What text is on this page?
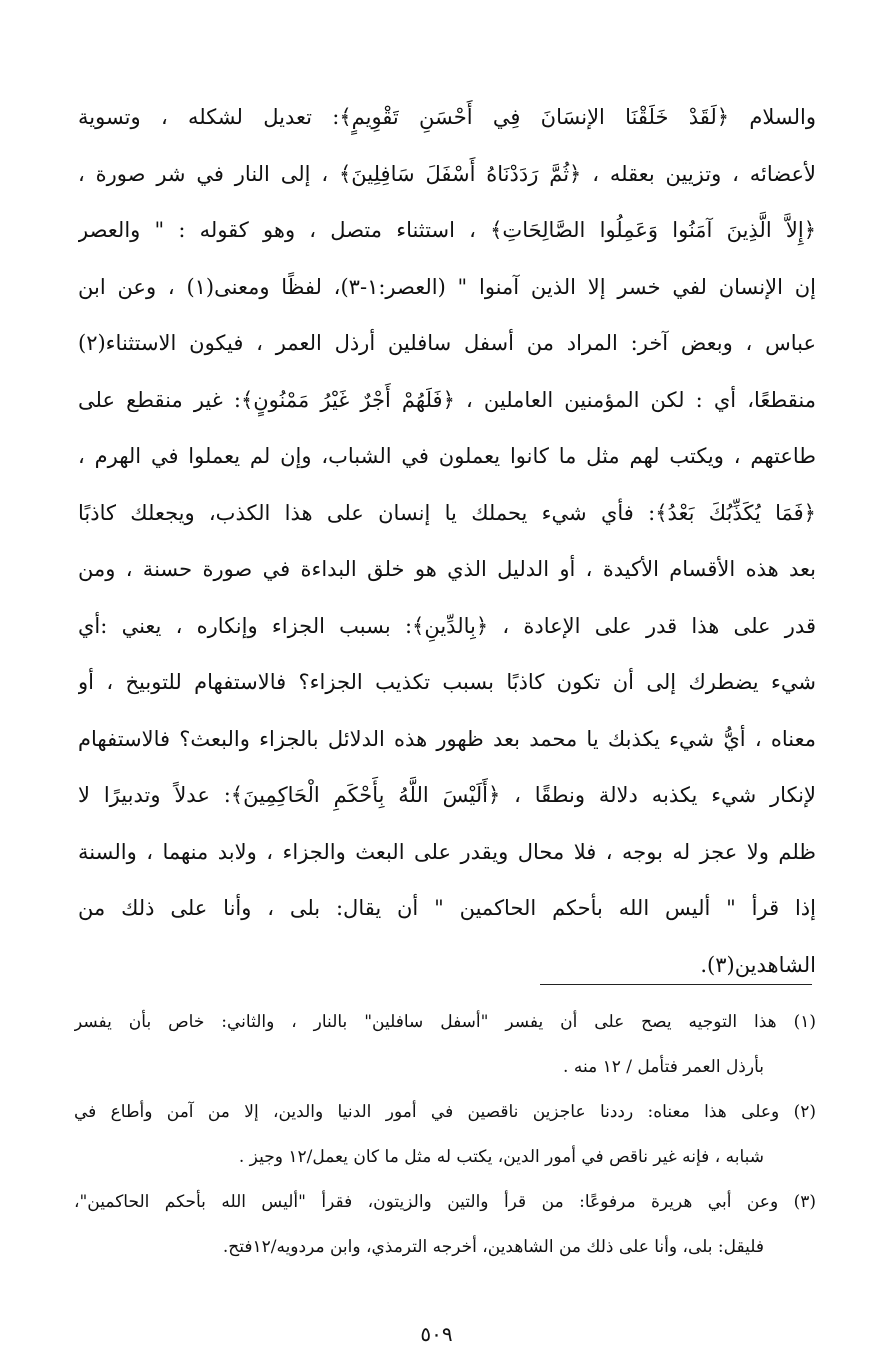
والسلام ﴿لَقَدْ خَلَقْنَا الإنسَانَ فِي أَحْسَنِ تَقْوِيمٍ﴾: تعديل لشكله ، وتسوية
لأعضائه ، وتزيين بعقله ، ﴿ثُمَّ رَدَدْنَاهُ أَسْفَلَ سَافِلِينَ﴾ ، إلى النار في شر صورة ،
﴿إِلاَّ الَّذِينَ آمَنُوا وَعَمِلُوا الصَّالِحَاتِ﴾ ، استثناء متصل ، وهو كقوله : " والعصر
إن الإنسان لفي خسر إلا الذين آمنوا " (العصر:١-٣)، لفظًا ومعنى(١) ، وعن ابن
عباس ، وبعض آخر: المراد من أسفل سافلين أرذل العمر ، فيكون الاستثناء(٢)
منقطعًا، أي : لكن المؤمنين العاملين ، ﴿فَلَهُمْ أَجْرٌ غَيْرُ مَمْنُونٍ﴾: غير منقطع على
طاعتهم ، ويكتب لهم مثل ما كانوا يعملون في الشباب، وإن لم يعملوا في الهرم ،
﴿فَمَا يُكَذِّبُكَ بَعْدُ﴾: فأي شيء يحملك يا إنسان على هذا الكذب، ويجعلك كاذبًا
بعد هذه الأقسام الأكيدة ، أو الدليل الذي هو خلق البداءة في صورة حسنة ، ومن
قدر على هذا قدر على الإعادة ، ﴿بِالدِّينِ﴾: بسبب الجزاء وإنكاره ، يعني :أي
شيء يضطرك إلى أن تكون كاذبًا بسبب تكذيب الجزاء؟ فالاستفهام للتوبيخ ، أو
معناه ، أيُّ شيء يكذبك يا محمد بعد ظهور هذه الدلائل بالجزاء والبعث؟ فالاستفهام
لإنكار شيء يكذبه دلالة ونطقًا ، ﴿أَلَيْسَ اللَّهُ بِأَحْكَمِ الْحَاكِمِينَ﴾: عدلاً وتدبيرًا لا
ظلم ولا عجز له بوجه ، فلا محال ويقدر على البعث والجزاء ، ولابد منهما ، والسنة
إذا قرأ " أليس الله بأحكم الحاكمين " أن يقال: بلى ، وأنا على ذلك من
الشاهدين(٣).
(١) هذا التوجيه يصح على أن يفسر "أسفل سافلين" بالنار ، والثاني: خاص بأن يفسر
بأرذل العمر فتأمل / ١٢ منه .
(٢) وعلى هذا معناه: رددنا عاجزين ناقصين في أمور الدنيا والدين، إلا من آمن وأطاع في
شبابه ، فإنه غير ناقص في أمور الدين، يكتب له مثل ما كان يعمل/١٢ وجيز .
(٣) وعن أبي هريرة مرفوعًا: من قرأ والتين والزيتون، فقرأ "أليس الله بأحكم الحاكمين"،
فليقل: بلى، وأنا على ذلك من الشاهدين، أخرجه الترمذي، وابن مردويه/١٢فتح.
٥٠٩
